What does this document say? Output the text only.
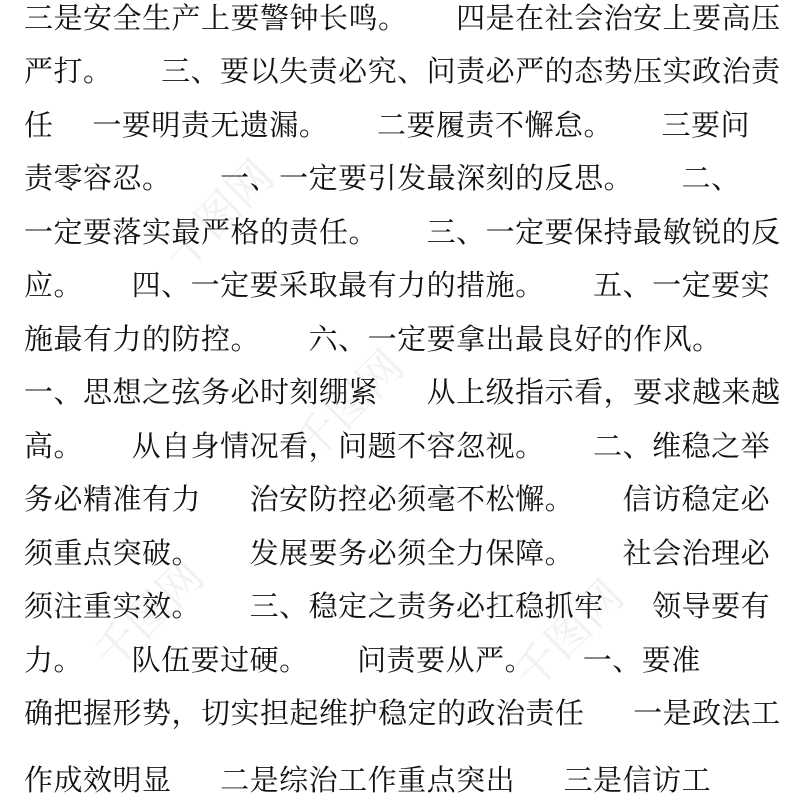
千图网
千图网
千图网	千图网
三是安全生产上要警钟长鸣。     四是在社会治安上要高压
严打。     三、要以失责必究、问责必严的态势压实政治责
任    一要明责无遗漏。     二要履责不懈怠。     三要问
责零容忍。     一、一定要引发最深刻的反思。     二、
一定要落实最严格的责任。     三、一定要保持最敏锐的反
应。     四、一定要采取最有力的措施。     五、一定要实
施最有力的防控。     六、一定要拿出最良好的作风。
一、思想之弦务必时刻绷紧     从上级指示看，要求越来越
高。     从自身情况看，问题不容忽视。     二、维稳之举
务必精准有力     治安防控必须毫不松懈。     信访稳定必
须重点突破。     发展要务必须全力保障。     社会治理必
须注重实效。     三、稳定之责务必扛稳抓牢     领导要有
力。     队伍要过硬。     问责要从严。     一、要准
确把握形势，切实担起维护稳定的政治责任     一是政法工
作成效明显     二是综治工作重点突出     三是信访工
